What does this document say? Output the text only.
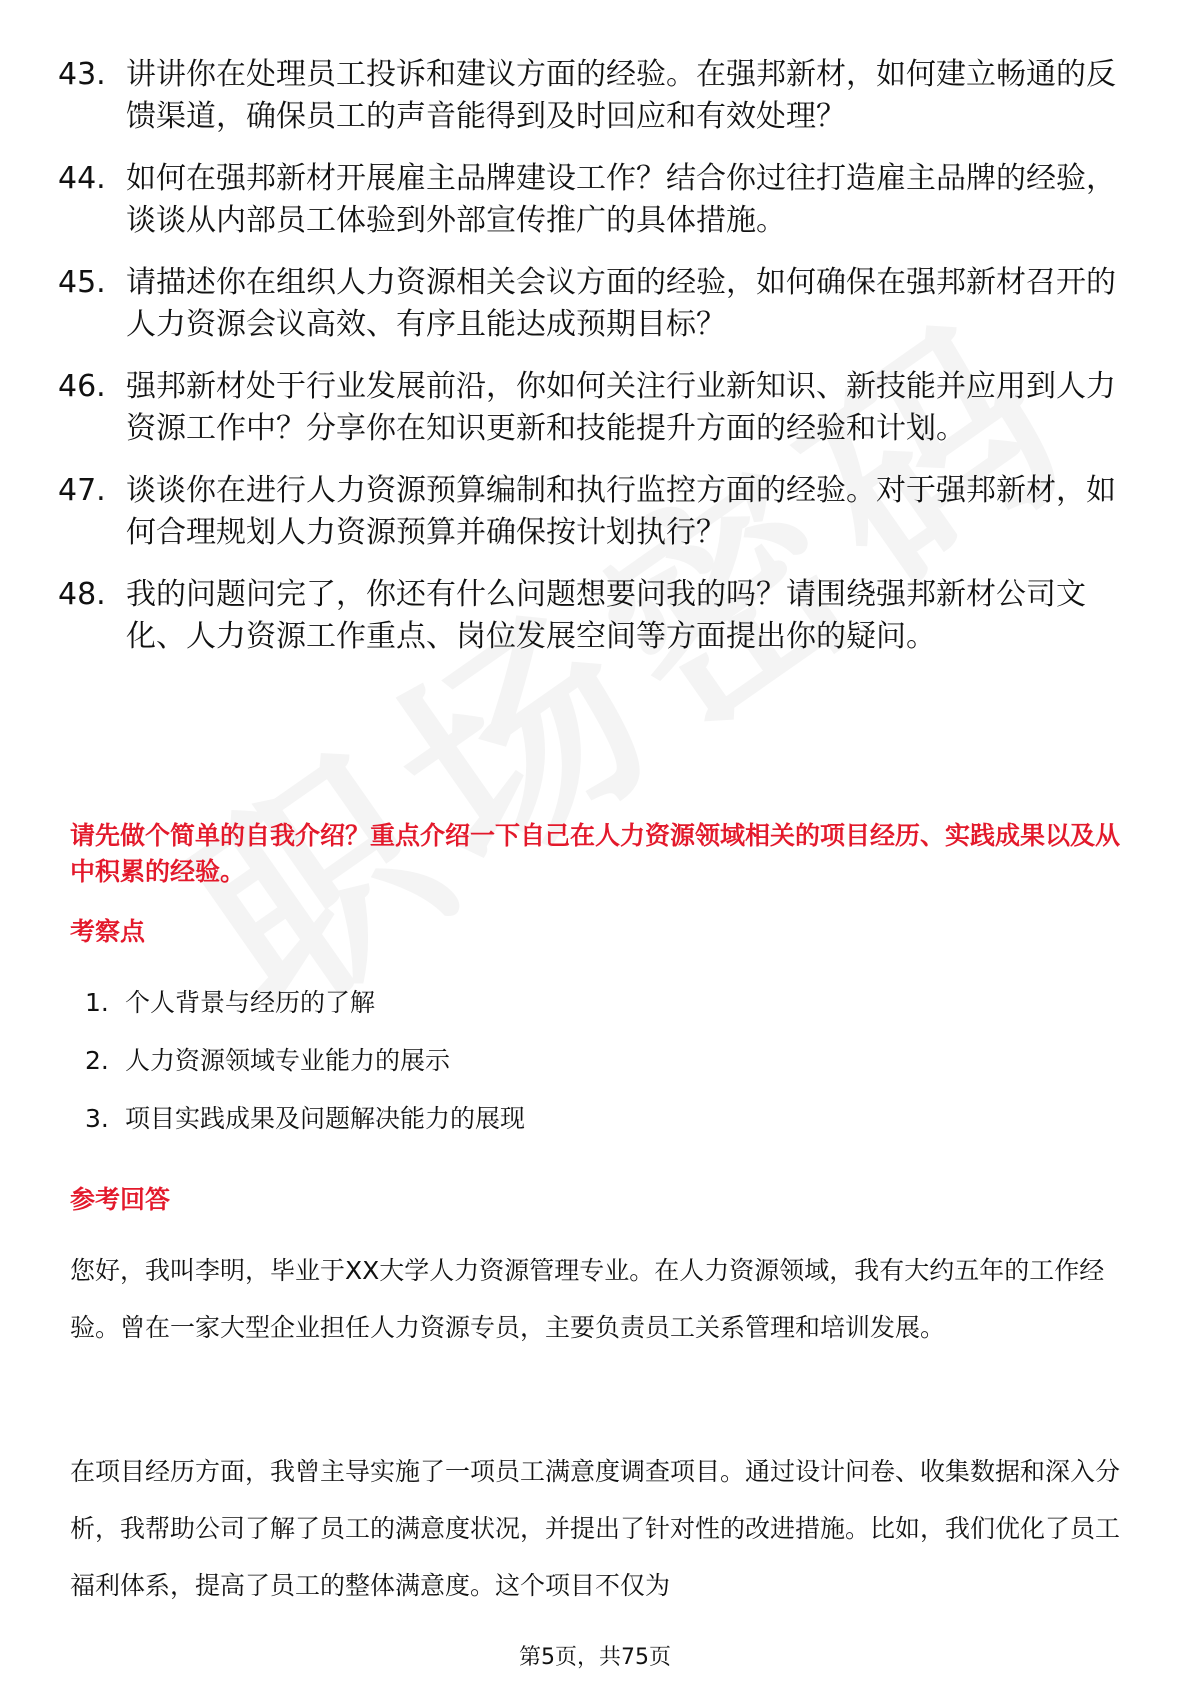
43. 讲讲你在处理员工投诉和建议方面的经验。在强邦新材，如何建立畅通的反馈渠道，确保员工的声音能得到及时回应和有效处理？
44. 如何在强邦新材开展雇主品牌建设工作？结合你过往打造雇主品牌的经验，谈谈从内部员工体验到外部宣传推广的具体措施。
45. 请描述你在组织人力资源相关会议方面的经验，如何确保在强邦新材召开的人力资源会议高效、有序且能达成预期目标？
46. 强邦新材处于行业发展前沿，你如何关注行业新知识、新技能并应用到人力资源工作中？分享你在知识更新和技能提升方面的经验和计划。
47. 谈谈你在进行人力资源预算编制和执行监控方面的经验。对于强邦新材，如何合理规划人力资源预算并确保按计划执行？
48. 我的问题问完了，你还有什么问题想要问我的吗？请围绕强邦新材公司文化、人力资源工作重点、岗位发展空间等方面提出你的疑问。
请先做个简单的自我介绍？重点介绍一下自己在人力资源领域相关的项目经历、实践成果以及从中积累的经验。
考察点
1. 个人背景与经历的了解
2. 人力资源领域专业能力的展示
3. 项目实践成果及问题解决能力的展现
参考回答
您好，我叫李明，毕业于XX大学人力资源管理专业。在人力资源领域，我有大约五年的工作经验。曾在一家大型企业担任人力资源专员，主要负责员工关系管理和培训发展。
在项目经历方面，我曾主导实施了一项员工满意度调查项目。通过设计问卷、收集数据和深入分析，我帮助公司了解了员工的满意度状况，并提出了针对性的改进措施。比如，我们优化了员工福利体系，提高了员工的整体满意度。这个项目不仅为
第5页，共75页
